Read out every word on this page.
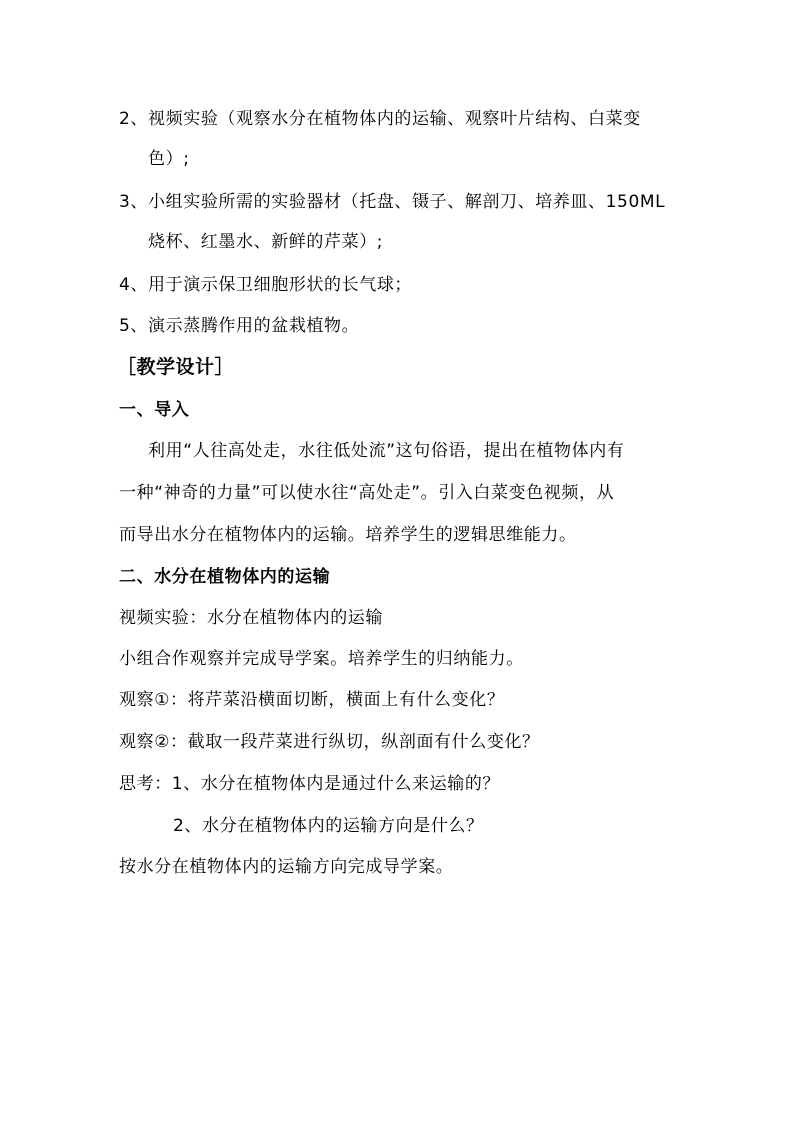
2、视频实验（观察水分在植物体内的运输、观察叶片结构、白菜变
色）;
3、小组实验所需的实验器材（托盘、镊子、解剖刀、培养皿、150ML
烧杯、红墨水、新鲜的芹菜）;
4、用于演示保卫细胞形状的长气球；
5、演示蒸腾作用的盆栽植物。
［教学设计］
一、导入
利用“人往高处走，水往低处流”这句俗语，提出在植物体内有
一种“神奇的力量”可以使水往“高处走”。引入白菜变色视频，从
而导出水分在植物体内的运输。培养学生的逻辑思维能力。
二、水分在植物体内的运输
视频实验：水分在植物体内的运输
小组合作观察并完成导学案。培养学生的归纳能力。
观察①：将芹菜沿横面切断，横面上有什么变化？
观察②：截取一段芹菜进行纵切，纵剖面有什么变化？
思考：1、水分在植物体内是通过什么来运输的？
2、水分在植物体内的运输方向是什么？
按水分在植物体内的运输方向完成导学案。
